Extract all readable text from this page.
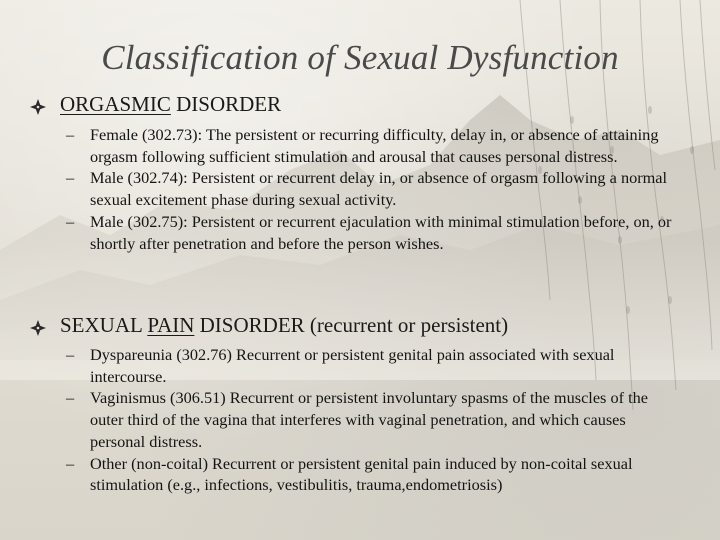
Classification of Sexual Dysfunction
ORGASMIC DISORDER
– Female (302.73): The persistent or recurring difficulty, delay in, or absence of attaining orgasm following sufficient stimulation and arousal that causes personal distress.
– Male (302.74): Persistent or recurrent delay in, or absence of orgasm following a normal sexual excitement phase during sexual activity.
– Male (302.75): Persistent or recurrent ejaculation with minimal stimulation before, on, or shortly after penetration and before the person wishes.
SEXUAL PAIN DISORDER (recurrent or persistent)
– Dyspareunia (302.76) Recurrent or persistent genital pain associated with sexual intercourse.
– Vaginismus (306.51) Recurrent or persistent involuntary spasms of the muscles of the outer third of the vagina that interferes with vaginal penetration, and which causes personal distress.
– Other (non-coital) Recurrent or persistent genital pain induced by non-coital sexual stimulation (e.g., infections, vestibulitis, trauma,endometriosis)
